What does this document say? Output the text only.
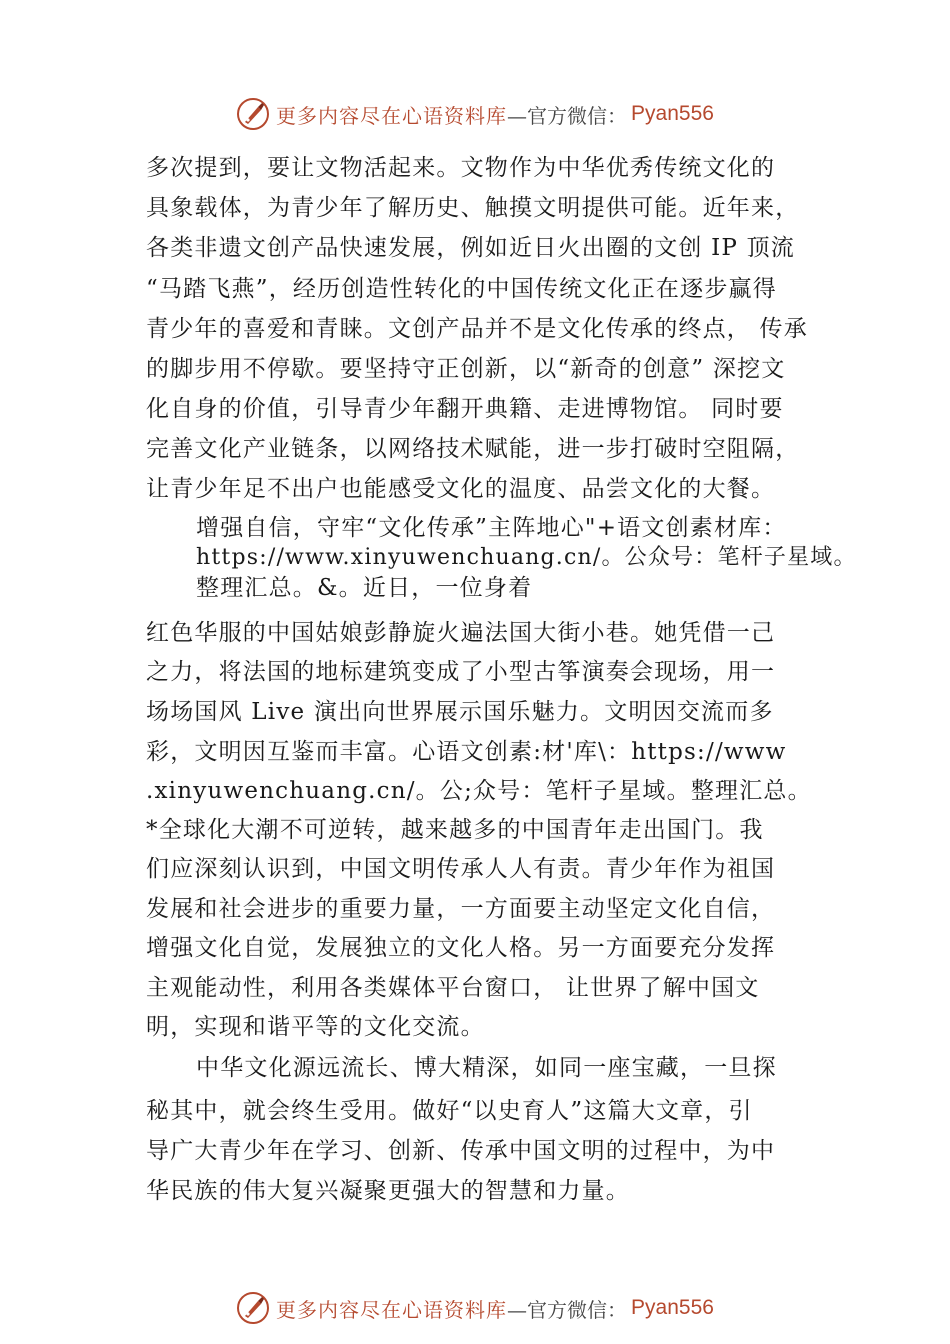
更多内容尽在心语资料库 —官方微信： Pyan556
多次提到，要让文物活起来。文物作为中华优秀传统文化的
具象载体，为青少年了解历史、触摸文明提供可能。近年来，
各类非遗文创产品快速发展，例如近日火出圈的文创 IP 顶流
“马踏飞燕”，经历创造性转化的中国传统文化正在逐步赢得
青少年的喜爱和青睐。文创产品并不是文化传承的终点， 传承
的脚步用不停歇。要坚持守正创新，以“新奇的创意” 深挖文
化自身的价值，引导青少年翻开典籍、走进博物馆。 同时要
完善文化产业链条，以网络技术赋能，进一步打破时空阻隔，
让青少年足不出户也能感受文化的温度、品尝文化的大餐。
增强自信，守牢“文化传承”主阵地心"+语文创素材库：
https://www.xinyuwenchuang.cn/。公众号：笔杆子星域。
整理汇总。&。近日，一位身着
红色华服的中国姑娘彭静旋火遍法国大街小巷。她凭借一己
之力，将法国的地标建筑变成了小型古筝演奏会现场，用一
场场国风 Live 演出向世界展示国乐魅力。文明因交流而多
彩，文明因互鉴而丰富。心语文创素:材'库\：https://www
.xinyuwenchuang.cn/。公;众号：笔杆子星域。整理汇总。
*全球化大潮不可逆转，越来越多的中国青年走出国门。我
们应深刻认识到，中国文明传承人人有责。青少年作为祖国
发展和社会进步的重要力量，一方面要主动坚定文化自信，
增强文化自觉，发展独立的文化人格。另一方面要充分发挥
主观能动性，利用各类媒体平台窗口， 让世界了解中国文
明，实现和谐平等的文化交流。
中华文化源远流长、博大精深，如同一座宝藏，一旦探
秘其中，就会终生受用。做好“以史育人”这篇大文章，引
导广大青少年在学习、创新、传承中国文明的过程中，为中
华民族的伟大复兴凝聚更强大的智慧和力量。
更多内容尽在心语资料库 —官方微信： Pyan556
